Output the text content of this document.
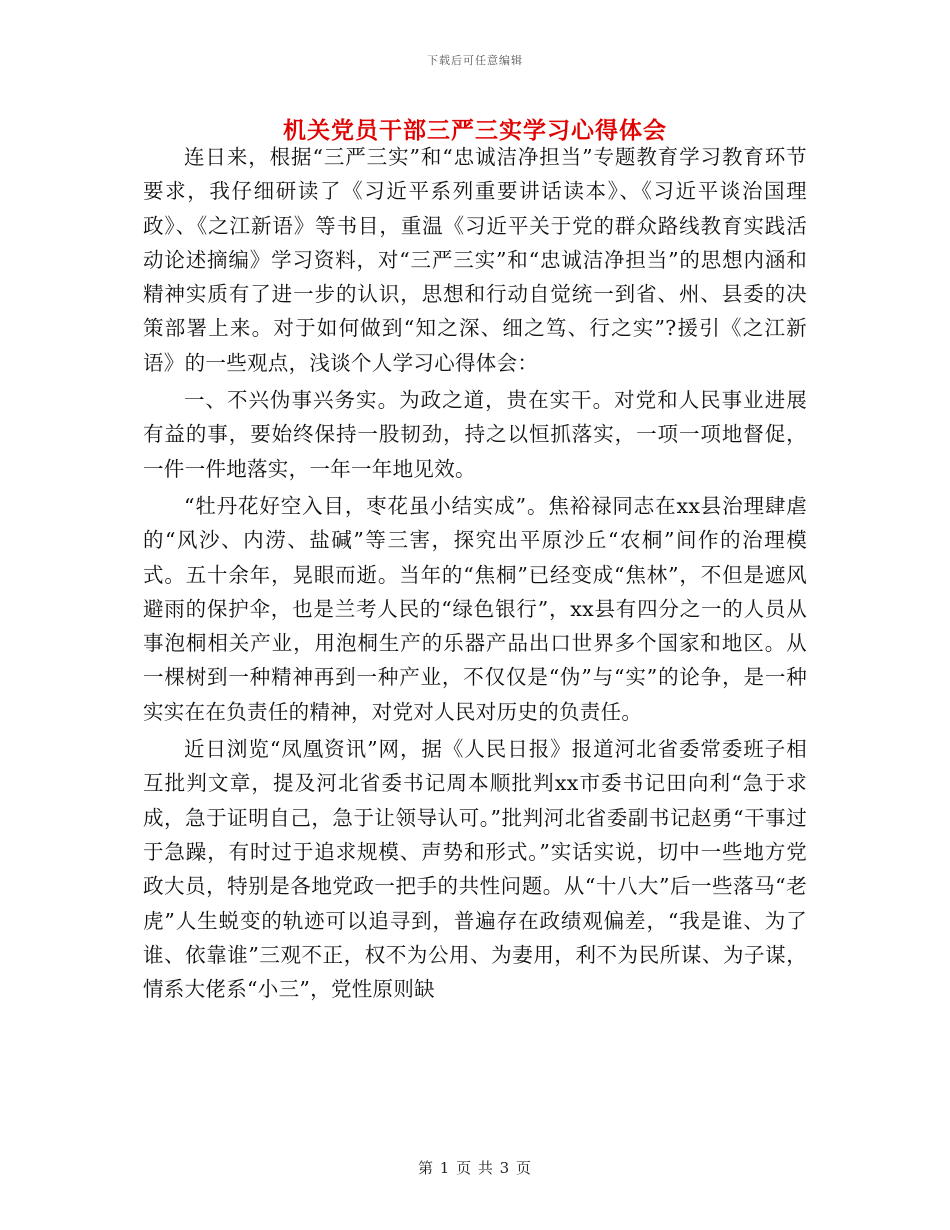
下载后可任意编辑
机关党员干部三严三实学习心得体会

连日来，根据“三严三实”和“忠诚洁净担当”专题教育学习教育环节要求，我仔细研读了《习近平系列重要讲话读本》、《习近平谈治国理政》、《之江新语》等书目，重温《习近平关于党的群众路线教育实践活动论述摘编》学习资料，对“三严三实”和“忠诚洁净担当”的思想内涵和精神实质有了进一步的认识，思想和行动自觉统一到省、州、县委的决策部署上来。对于如何做到“知之深、细之笃、行之实”?援引《之江新语》的一些观点，浅谈个人学习心得体会：

一、不兴伪事兴务实。为政之道，贵在实干。对党和人民事业进展有益的事，要始终保持一股韧劲，持之以恒抓落实，一项一项地督促，一件一件地落实，一年一年地见效。

“牡丹花好空入目，枣花虽小结实成”。焦裕禄同志在xx县治理肆虐的“风沙、内涝、盐碱”等三害，探究出平原沙丘“农桐”间作的治理模式。五十余年，晃眼而逝。当年的“焦桐”已经变成“焦林”，不但是遮风避雨的保护伞，也是兰考人民的“绿色银行”，xx县有四分之一的人员从事泡桐相关产业，用泡桐生产的乐器产品出口世界多个国家和地区。从一棵树到一种精神再到一种产业，不仅仅是“伪”与“实”的论争，是一种实实在在负责任的精神，对党对人民对历史的负责任。

近日浏览“凤凰资讯”网，据《人民日报》报道河北省委常委班子相互批判文章，提及河北省委书记周本顺批判xx市委书记田向利“急于求成，急于证明自己，急于让领导认可。”批判河北省委副书记赵勇“干事过于急躁，有时过于追求规模、声势和形式。”实话实说，切中一些地方党政大员，特别是各地党政一把手的共性问题。从“十八大”后一些落马“老虎”人生蜕变的轨迹可以追寻到，普遍存在政绩观偏差，“我是谁、为了谁、依靠谁”三观不正，权不为公用、为妻用，利不为民所谋、为子谋，情系大佬系“小三”，党性原则缺

第 1 页 共 3 页
